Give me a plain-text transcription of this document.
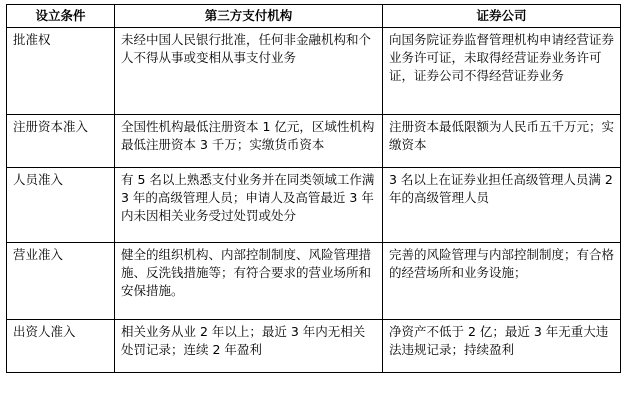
设立条件	第三方支付机构	证券公司
批准权	未经中国人民银行批准，任何非金融机构和个人不得从事或变相从事支付业务	向国务院证券监督管理机构申请经营证券业务许可证，未取得经营证券业务许可证，证券公司不得经营证券业务
注册资本准入	全国性机构最低注册资本 1 亿元，区域性机构最低注册资本 3 千万；实缴货币资本	注册资本最低限额为人民币五千万元；实缴资本
人员准入	有 5 名以上熟悉支付业务并在同类领域工作满 3 年的高级管理人员；申请人及高管最近 3 年内未因相关业务受过处罚或处分	3 名以上在证券业担任高级管理人员满 2 年的高级管理人员
营业准入	健全的组织机构、内部控制制度、风险管理措施、反洗钱措施等；有符合要求的营业场所和安保措施。	完善的风险管理与内部控制制度；有合格的经营场所和业务设施；
出资人准入	相关业务从业 2 年以上；最近 3 年内无相关处罚记录；连续 2 年盈利	净资产不低于 2 亿；最近 3 年无重大违法违规记录；持续盈利
